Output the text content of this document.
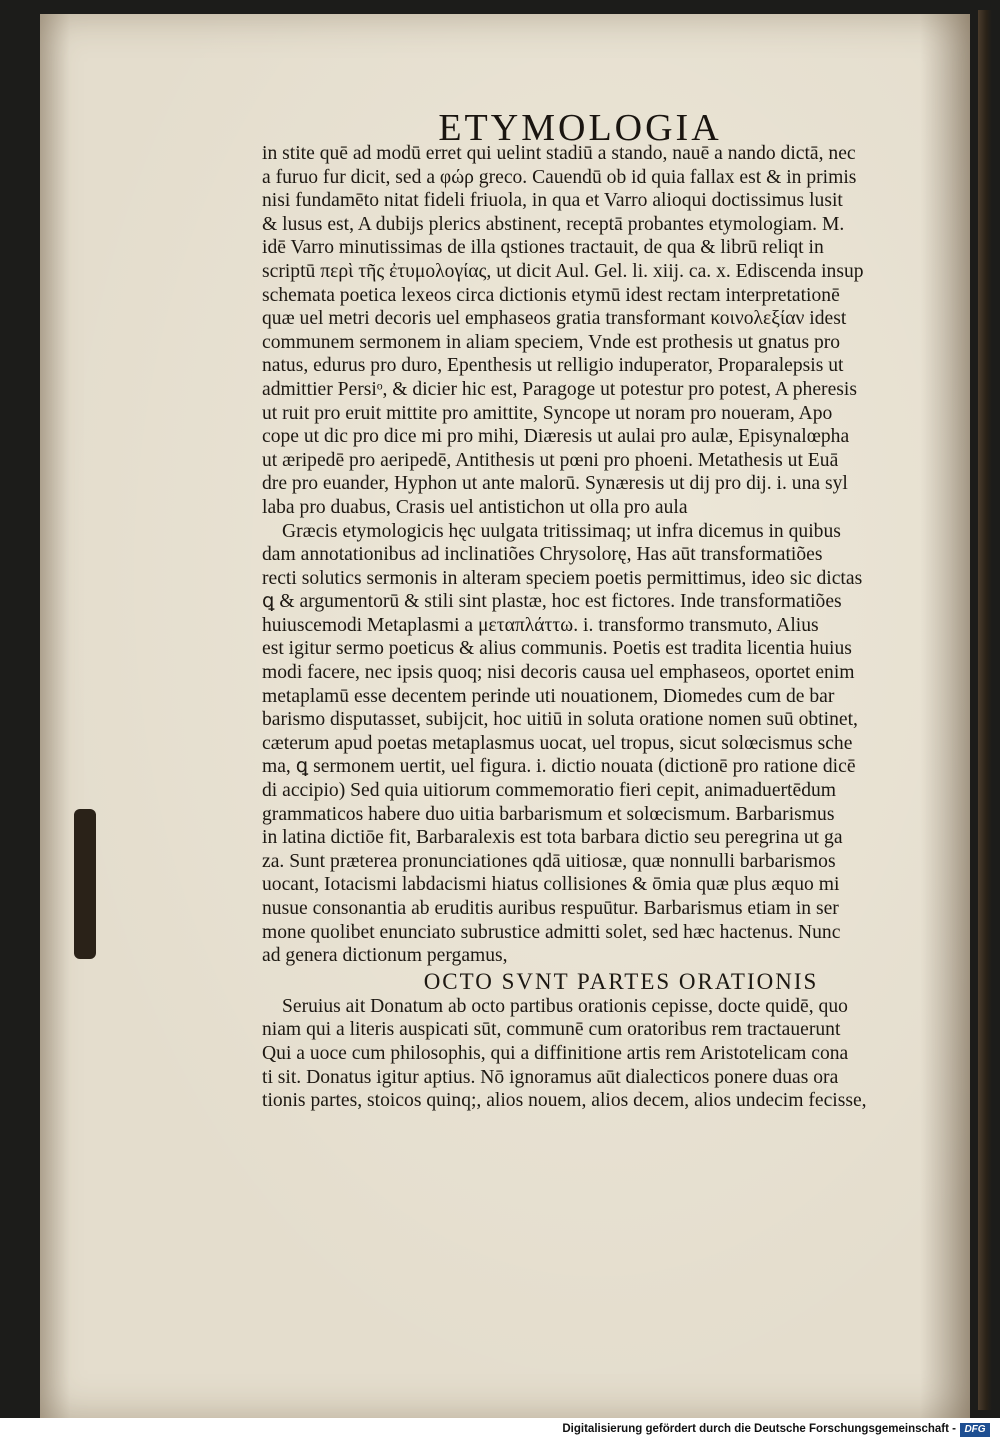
ETYMOLOGIA
in stite quē ad modū erret qui uelint stadiū a stando, nauē a nando dictā, nec
a furuo fur dicit, sed a φώρ greco. Cauendū ob id quia fallax est & in primis
nisi fundamēto nitat fideli friuola, in qua et Varro alioqui doctissimus lusit
& lusus est, A dubijs plerics abstinent, receptā probantes etymologiam. M.
idē Varro minutissimas de illa qstiones tractauit, de qua & librū reliqt in
scriptū περὶ τῆς ἐτυμολογίας, ut dicit Aul. Gel. li. xiij. ca. x. Ediscenda insup
schemata poetica lexeos circa dictionis etymū idest rectam interpretationē
quæ uel metri decoris uel emphaseos gratia transformant κοινολεξίαν idest
communem sermonem in aliam speciem, Vnde est prothesis ut gnatus pro
natus, edurus pro duro, Epenthesis ut relligio induperator, Proparalepsis ut
admittier Persiᵒ, & dicier hic est, Paragoge ut potestur pro potest, A pheresis
ut ruit pro eruit mittite pro amittite, Syncope ut noram pro noueram, Apo
cope ut dic pro dice mi pro mihi, Diæresis ut aulai pro aulæ, Episynalœpha
ut æripedē pro aeripedē, Antithesis ut pœni pro phoeni. Metathesis ut Euā
dre pro euander, Hyphon ut ante malorū. Synæresis ut dij pro dij. i. una syl
laba pro duabus, Crasis uel antistichon ut olla pro aula
Græcis etymologicis hęc uulgata tritissimaq; ut infra dicemus in quibus
dam annotationibus ad inclinatiões Chrysolorę, Has aūt transformatiões
recti solutics sermonis in alteram speciem poetis permittimus, ideo sic dictas
ꝗ & argumentorū & stili sint plastæ, hoc est fictores. Inde transformatiões
huiuscemodi Metaplasmi a μεταπλάττω. i. transformo transmuto, Alius
est igitur sermo poeticus & alius communis. Poetis est tradita licentia huius
modi facere, nec ipsis quoq; nisi decoris causa uel emphaseos, oportet enim
metaplamū esse decentem perinde uti nouationem, Diomedes cum de bar
barismo disputasset, subijcit, hoc uitiū in soluta oratione nomen suū obtinet,
cæterum apud poetas metaplasmus uocat, uel tropus, sicut solœcismus sche
ma, ꝗ sermonem uertit, uel figura. i. dictio nouata (dictionē pro ratione dicē
di accipio) Sed quia uitiorum commemoratio fieri cepit, animaduertēdum
grammaticos habere duo uitia barbarismum et solœcismum. Barbarismus
in latina dictiōe fit, Barbaralexis est tota barbara dictio seu peregrina ut ga
za. Sunt præterea pronunciationes qdā uitiosæ, quæ nonnulli barbarismos
uocant, Iotacismi labdacismi hiatus collisiones & ōmia quæ plus æquo mi
nusue consonantia ab eruditis auribus respuūtur. Barbarismus etiam in ser
mone quolibet enunciato subrustice admitti solet, sed hæc hactenus. Nunc
ad genera dictionum pergamus,
OCTO SVNT PARTES ORATIONIS
Seruius ait Donatum ab octo partibus orationis cepisse, docte quidē, quo
niam qui a literis auspicati sūt, communē cum oratoribus rem tractauerunt
Qui a uoce cum philosophis, qui a diffinitione artis rem Aristotelicam cona
ti sit. Donatus igitur aptius. Nō ignoramus aūt dialecticos ponere duas ora
tionis partes, stoicos quinq;, alios nouem, alios decem, alios undecim fecisse,
Digitalisierung gefördert durch die Deutsche Forschungsgemeinschaft - DFG
